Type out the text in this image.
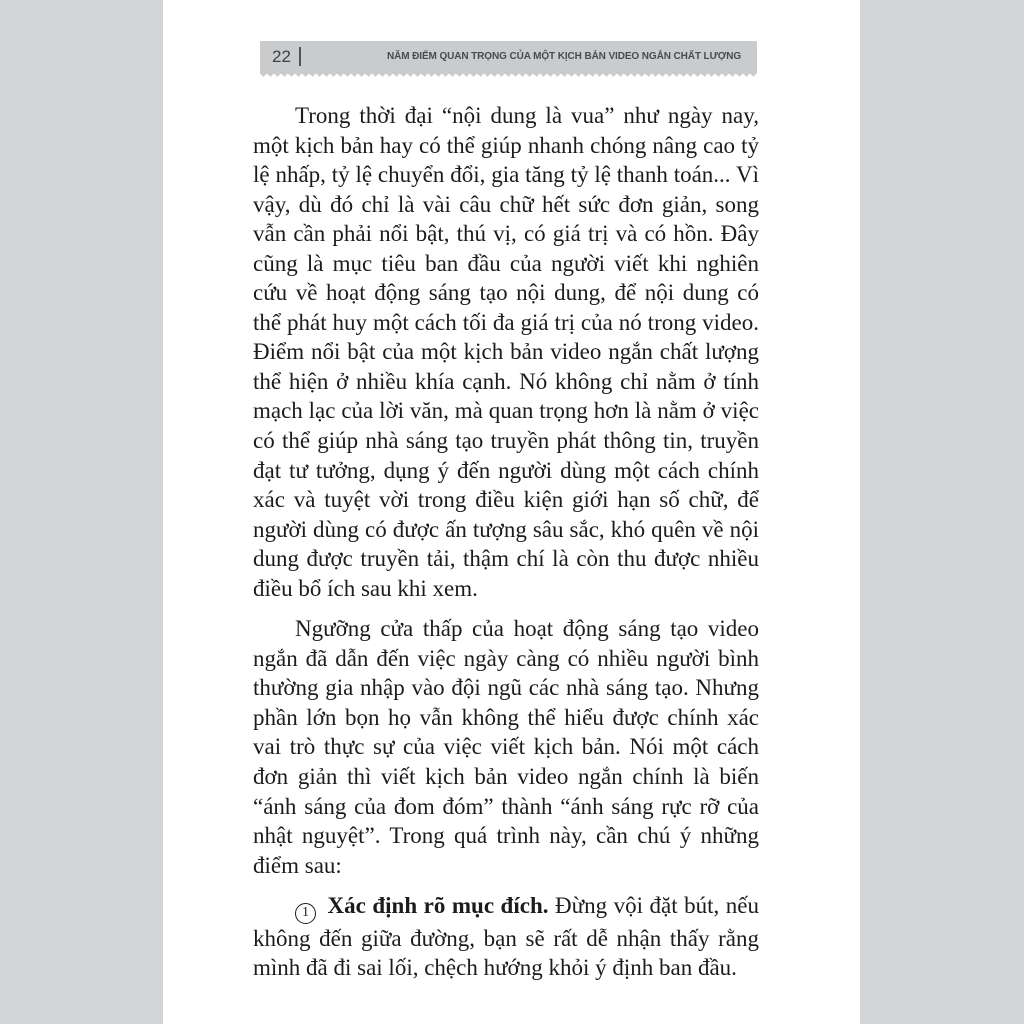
22	NĂM ĐIỂM QUAN TRỌNG CỦA MỘT KỊCH BẢN VIDEO NGẮN CHẤT LƯỢNG

Trong thời đại “nội dung là vua” như ngày nay, một kịch bản hay có thể giúp nhanh chóng nâng cao tỷ lệ nhấp, tỷ lệ chuyển đổi, gia tăng tỷ lệ thanh toán... Vì vậy, dù đó chỉ là vài câu chữ hết sức đơn giản, song vẫn cần phải nổi bật, thú vị, có giá trị và có hồn. Đây cũng là mục tiêu ban đầu của người viết khi nghiên cứu về hoạt động sáng tạo nội dung, để nội dung có thể phát huy một cách tối đa giá trị của nó trong video. Điểm nổi bật của một kịch bản video ngắn chất lượng thể hiện ở nhiều khía cạnh. Nó không chỉ nằm ở tính mạch lạc của lời văn, mà quan trọng hơn là nằm ở việc có thể giúp nhà sáng tạo truyền phát thông tin, truyền đạt tư tưởng, dụng ý đến người dùng một cách chính xác và tuyệt vời trong điều kiện giới hạn số chữ, để người dùng có được ấn tượng sâu sắc, khó quên về nội dung được truyền tải, thậm chí là còn thu được nhiều điều bổ ích sau khi xem.

Ngưỡng cửa thấp của hoạt động sáng tạo video ngắn đã dẫn đến việc ngày càng có nhiều người bình thường gia nhập vào đội ngũ các nhà sáng tạo. Nhưng phần lớn bọn họ vẫn không thể hiểu được chính xác vai trò thực sự của việc viết kịch bản. Nói một cách đơn giản thì viết kịch bản video ngắn chính là biến “ánh sáng của đom đóm” thành “ánh sáng rực rỡ của nhật nguyệt”. Trong quá trình này, cần chú ý những điểm sau:

1 Xác định rõ mục đích. Đừng vội đặt bút, nếu không đến giữa đường, bạn sẽ rất dễ nhận thấy rằng mình đã đi sai lối, chệch hướng khỏi ý định ban đầu.
